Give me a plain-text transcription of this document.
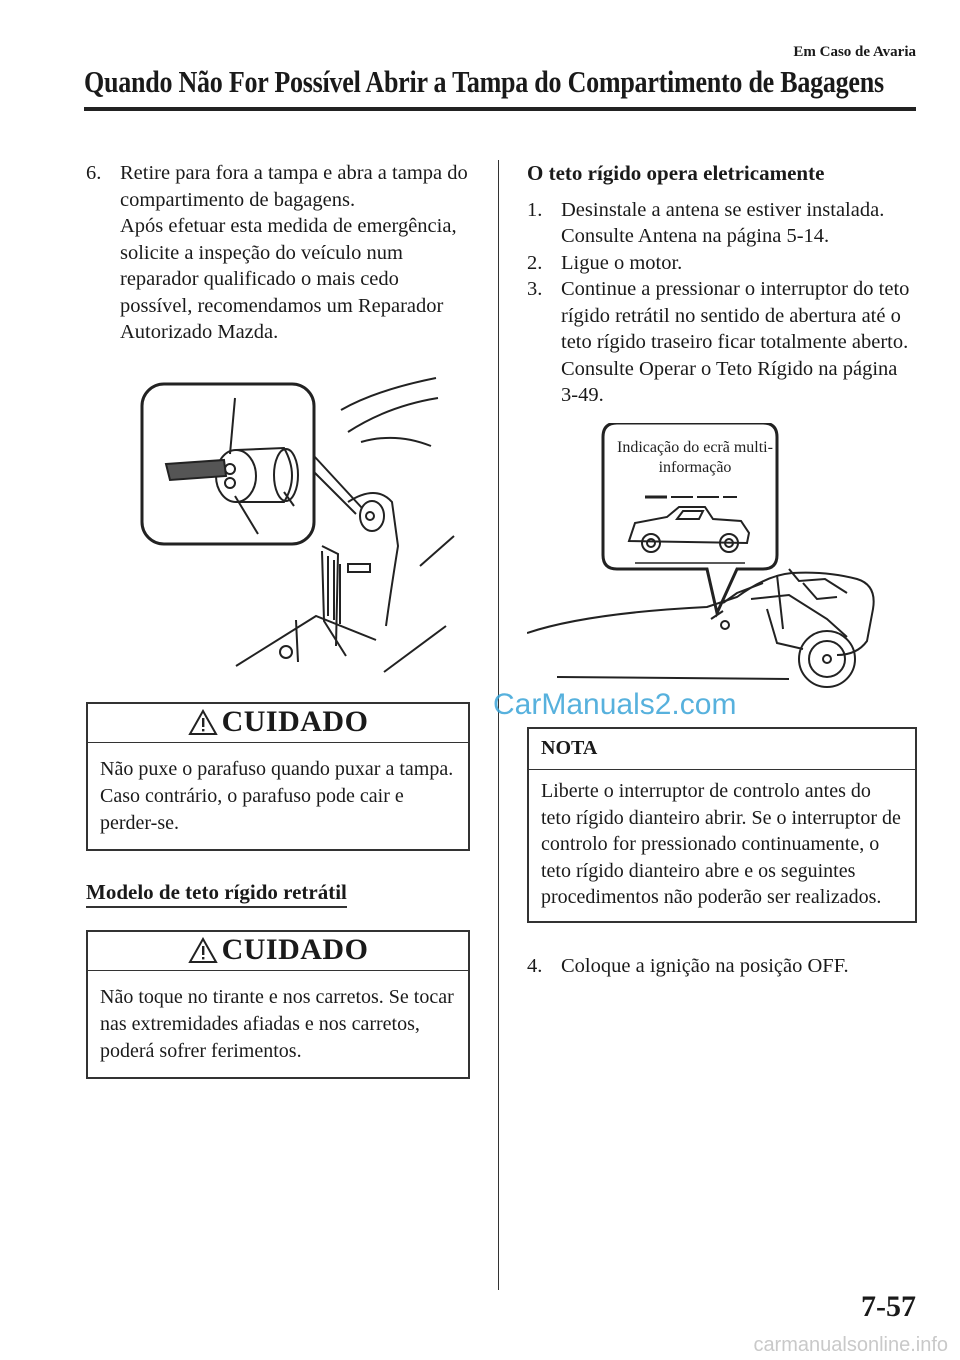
Em Caso de Avaria
Quando Não For Possível Abrir a Tampa do Compartimento de Bagagens
6. Retire para fora a tampa e abra a tampa do compartimento de bagagens.
Após efetuar esta medida de emergência, solicite a inspeção do veículo num reparador qualificado o mais cedo possível, recomendamos um Reparador Autorizado Mazda.
CUIDADO
Não puxe o parafuso quando puxar a tampa. Caso contrário, o parafuso pode cair e perder-se.
Modelo de teto rígido retrátil
CUIDADO
Não toque no tirante e nos carretos. Se tocar nas extremidades afiadas e nos carretos, poderá sofrer ferimentos.
O teto rígido opera eletricamente
1. Desinstale a antena se estiver instalada.
Consulte Antena na página 5-14.
2. Ligue o motor.
3. Continue a pressionar o interruptor do teto rígido retrátil no sentido de abertura até o teto rígido traseiro ficar totalmente aberto.
Consulte Operar o Teto Rígido na página 3-49.
Indicação do ecrã multi-informação
NOTA
Liberte o interruptor de controlo antes do teto rígido dianteiro abrir. Se o interruptor de controlo for pressionado continuamente, o teto rígido dianteiro abre e os seguintes procedimentos não poderão ser realizados.
4. Coloque a ignição na posição OFF.
CarManuals2.com
7-57
carmanualsonline.info
